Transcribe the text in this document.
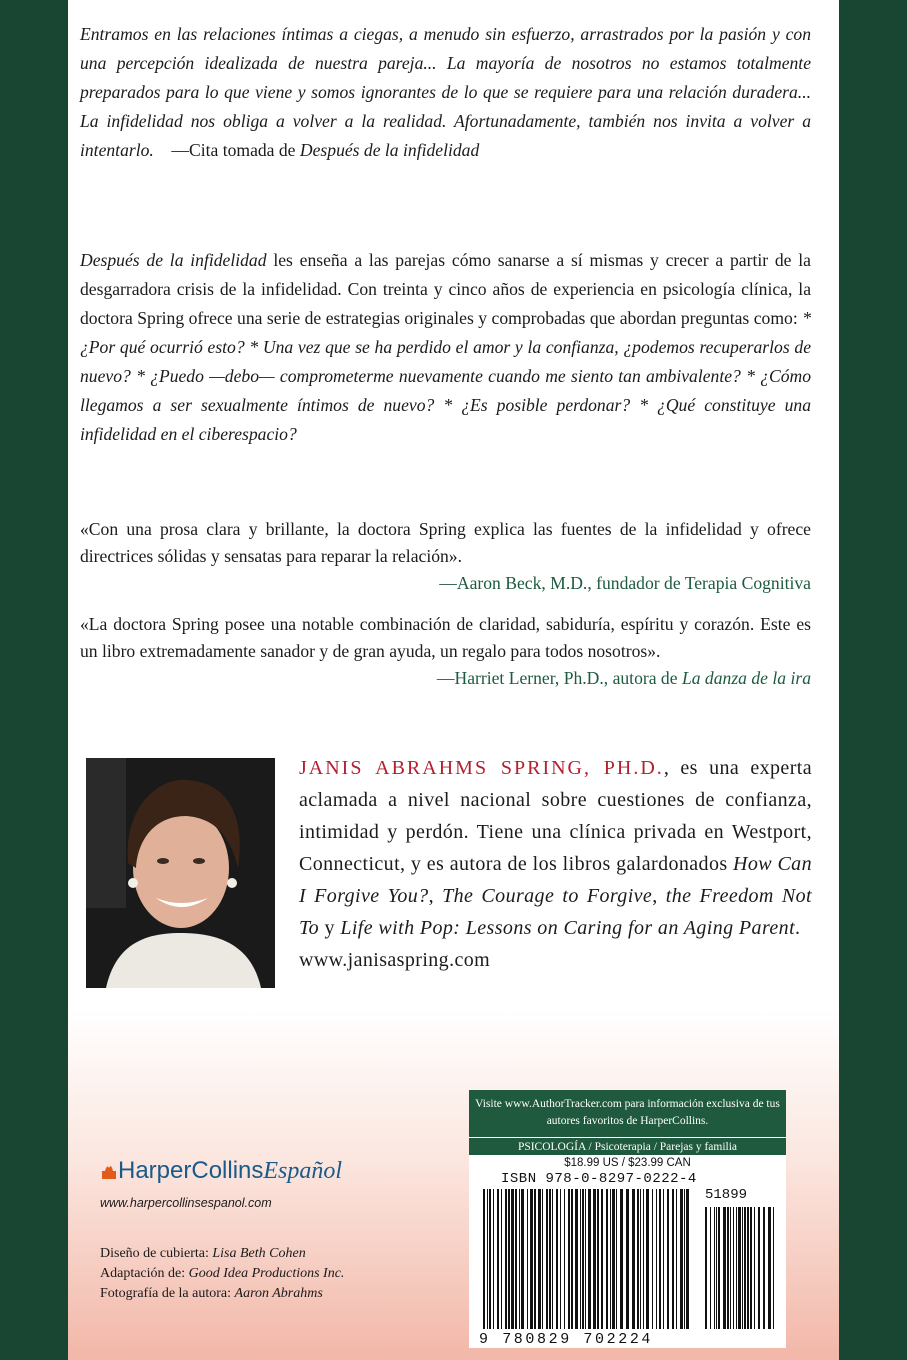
Entramos en las relaciones íntimas a ciegas, a menudo sin esfuerzo, arrastrados por la pasión y con una percepción idealizada de nuestra pareja... La mayoría de nosotros no estamos totalmente preparados para lo que viene y somos ignorantes de lo que se requiere para una relación duradera... La infidelidad nos obliga a volver a la realidad. Afortunadamente, también nos invita a volver a intentarlo. —Cita tomada de Después de la infidelidad
Después de la infidelidad les enseña a las parejas cómo sanarse a sí mismas y crecer a partir de la desgarradora crisis de la infidelidad. Con treinta y cinco años de experiencia en psicología clínica, la doctora Spring ofrece una serie de estrategias originales y comprobadas que abordan preguntas como: * ¿Por qué ocurrió esto? * Una vez que se ha perdido el amor y la confianza, ¿podemos recuperarlos de nuevo? * ¿Puedo —debo— comprometerme nuevamente cuando me siento tan ambivalente? * ¿Cómo llegamos a ser sexualmente íntimos de nuevo? * ¿Es posible perdonar? * ¿Qué constituye una infidelidad en el ciberespacio?
«Con una prosa clara y brillante, la doctora Spring explica las fuentes de la infidelidad y ofrece directrices sólidas y sensatas para reparar la relación».
—Aaron Beck, M.D., fundador de Terapia Cognitiva
«La doctora Spring posee una notable combinación de claridad, sabiduría, espíritu y corazón. Este es un libro extremadamente sanador y de gran ayuda, un regalo para todos nosotros».
—Harriet Lerner, Ph.D., autora de La danza de la ira
JANIS ABRAHMS SPRING, PH.D., es una experta aclamada a nivel nacional sobre cuestiones de confianza, intimidad y perdón. Tiene una clínica privada en Westport, Connecticut, y es autora de los libros galardonados How Can I Forgive You?, The Courage to Forgive, the Freedom Not To y Life with Pop: Lessons on Caring for an Aging Parent.
www.janisaspring.com
HarperCollinsEspañol
www.harpercollinsespanol.com
Diseño de cubierta: Lisa Beth Cohen
Adaptación de: Good Idea Productions Inc.
Fotografía de la autora: Aaron Abrahms
Visite www.AuthorTracker.com para información exclusiva de tus autores favoritos de HarperCollins.
PSICOLOGÍA / Psicoterapia / Parejas y familia
$18.99 US / $23.99 CAN
ISBN 978-0-8297-0222-4
51899
9 780829 702224
